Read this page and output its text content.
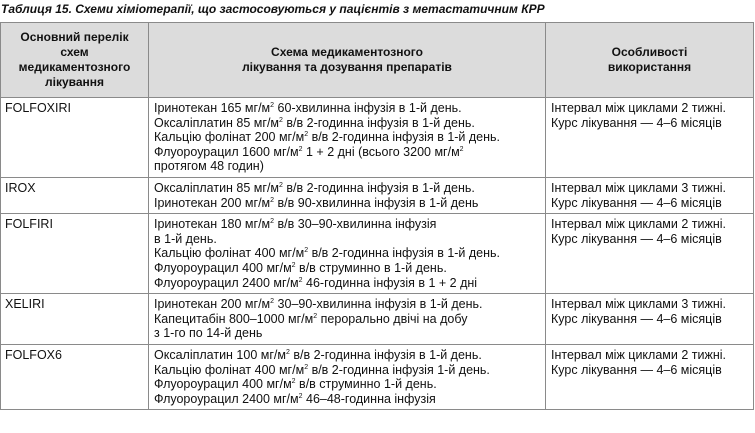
Таблиця 15. Схеми хіміотерапії, що застосовуються у пацієнтів з метастатичним КРР
Основний перелік
схем
медикаментозного
лікування	Схема медикаментозного
лікування та дозування препаратів	Особливості
використання

FOLFOXIRI	Іринотекан 165 $мг/м^2$ 60-хвилинна інфузія в 1-й день.
Оксаліплатин 85 $мг/м^2$ в/в 2-годинна інфузія в 1-й день.
Кальцію фолінат 200 $мг/м^2$ в/в 2-годинна інфузія в 1-й день.
Флуороурацил 1600 $мг/м^2$ 1 + 2 дні (всього 3200 $мг/м^2$
протягом 48 годин)	Інтервал між циклами 2 тижні.
Курс лікування — 4–6 місяців

IROX	Оксаліплатин 85 $мг/м^2$ в/в 2-годинна інфузія в 1-й день.
Іринотекан 200 $мг/м^2$ в/в 90-хвилинна інфузія в 1-й день	Інтервал між циклами 3 тижні.
Курс лікування — 4–6 місяців

FOLFIRI	Іринотекан 180 $мг/м^2$ в/в 30–90-хвилинна інфузія
в 1-й день.
Кальцію фолінат 400 $мг/м^2$ в/в 2-годинна інфузія в 1-й день.
Флуороурацил 400 $мг/м^2$ в/в струминно в 1-й день.
Флуороурацил 2400 $мг/м^2$ 46-годинна інфузія в 1 + 2 дні	Інтервал між циклами 2 тижні.
Курс лікування — 4–6 місяців

XELIRI	Іринотекан 200 $мг/м^2$ 30–90-хвилинна інфузія в 1-й день.
Капецитабін 800–1000 $мг/м^2$ перорально двічі на добу
з 1-го по 14-й день	Інтервал між циклами 3 тижні.
Курс лікування — 4–6 місяців

FOLFOX6	Оксаліплатин 100 $мг/м^2$ в/в 2-годинна інфузія в 1-й день.
Кальцію фолінат 400 $мг/м^2$ в/в 2-годинна інфузія 1-й день.
Флуороурацил 400 $мг/м^2$ в/в струминно 1-й день.
Флуороурацил 2400 $мг/м^2$ 46–48-годинна інфузія	Інтервал між циклами 2 тижні.
Курс лікування — 4–6 місяців
